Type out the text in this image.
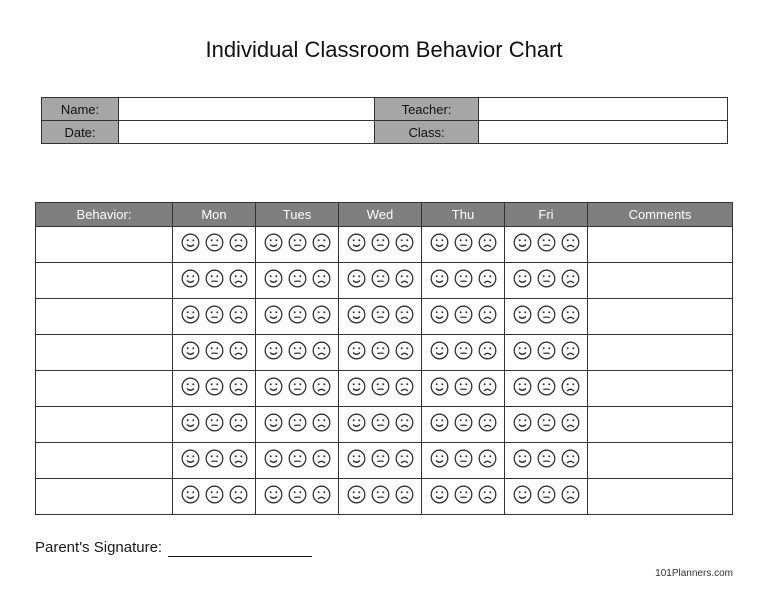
Individual Classroom Behavior Chart
Name:		Teacher:	
Date:		Class:	
Behavior:	Mon	Tues	Wed	Thu	Fri	Comments

Parent's Signature:
101Planners.com
